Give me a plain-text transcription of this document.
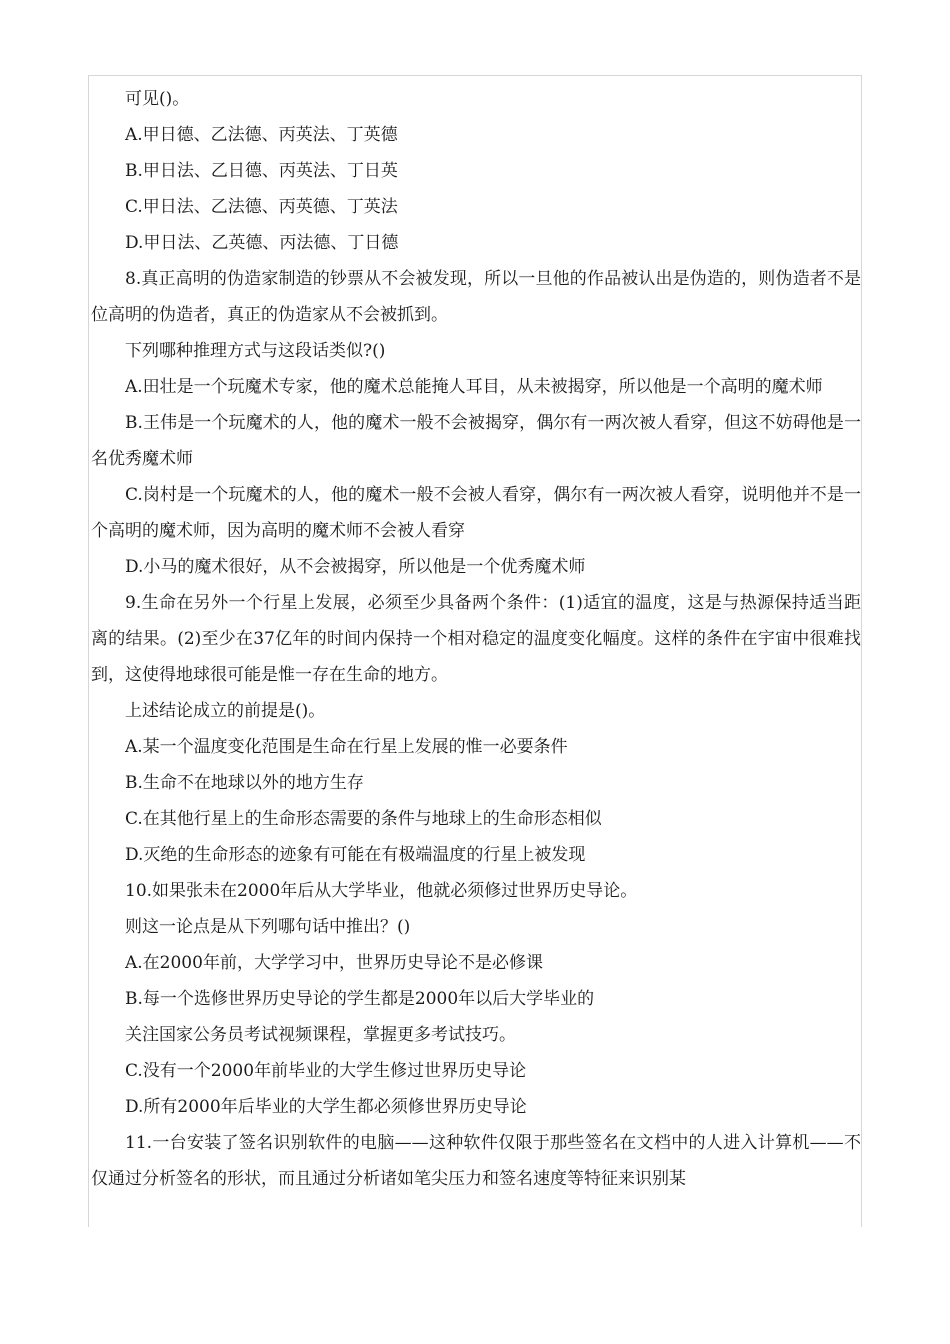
可见()。

A.甲日德、乙法德、丙英法、丁英德

B.甲日法、乙日德、丙英法、丁日英

C.甲日法、乙法德、丙英德、丁英法

D.甲日法、乙英德、丙法德、丁日德

8.真正高明的伪造家制造的钞票从不会被发现，所以一旦他的作品被认出是伪造的，则伪造者不是位高明的伪造者，真正的伪造家从不会被抓到。

下列哪种推理方式与这段话类似?()

A.田壮是一个玩魔术专家，他的魔术总能掩人耳目，从未被揭穿，所以他是一个高明的魔术师

B.王伟是一个玩魔术的人，他的魔术一般不会被揭穿，偶尔有一两次被人看穿，但这不妨碍他是一名优秀魔术师

C.岗村是一个玩魔术的人，他的魔术一般不会被人看穿，偶尔有一两次被人看穿，说明他并不是一个高明的魔术师，因为高明的魔术师不会被人看穿

D.小马的魔术很好，从不会被揭穿，所以他是一个优秀魔术师

9.生命在另外一个行星上发展，必须至少具备两个条件：(1)适宜的温度，这是与热源保持适当距离的结果。(2)至少在37亿年的时间内保持一个相对稳定的温度变化幅度。这样的条件在宇宙中很难找到，这使得地球很可能是惟一存在生命的地方。

上述结论成立的前提是()。

A.某一个温度变化范围是生命在行星上发展的惟一必要条件

B.生命不在地球以外的地方生存

C.在其他行星上的生命形态需要的条件与地球上的生命形态相似

D.灭绝的生命形态的迹象有可能在有极端温度的行星上被发现

10.如果张未在2000年后从大学毕业，他就必须修过世界历史导论。

则这一论点是从下列哪句话中推出？()

A.在2000年前，大学学习中，世界历史导论不是必修课

B.每一个选修世界历史导论的学生都是2000年以后大学毕业的

关注国家公务员考试视频课程，掌握更多考试技巧。

C.没有一个2000年前毕业的大学生修过世界历史导论

D.所有2000年后毕业的大学生都必须修世界历史导论

11.一台安装了签名识别软件的电脑——这种软件仅限于那些签名在文档中的人进入计算机——不仅通过分析签名的形状，而且通过分析诸如笔尖压力和签名速度等特征来识别某
